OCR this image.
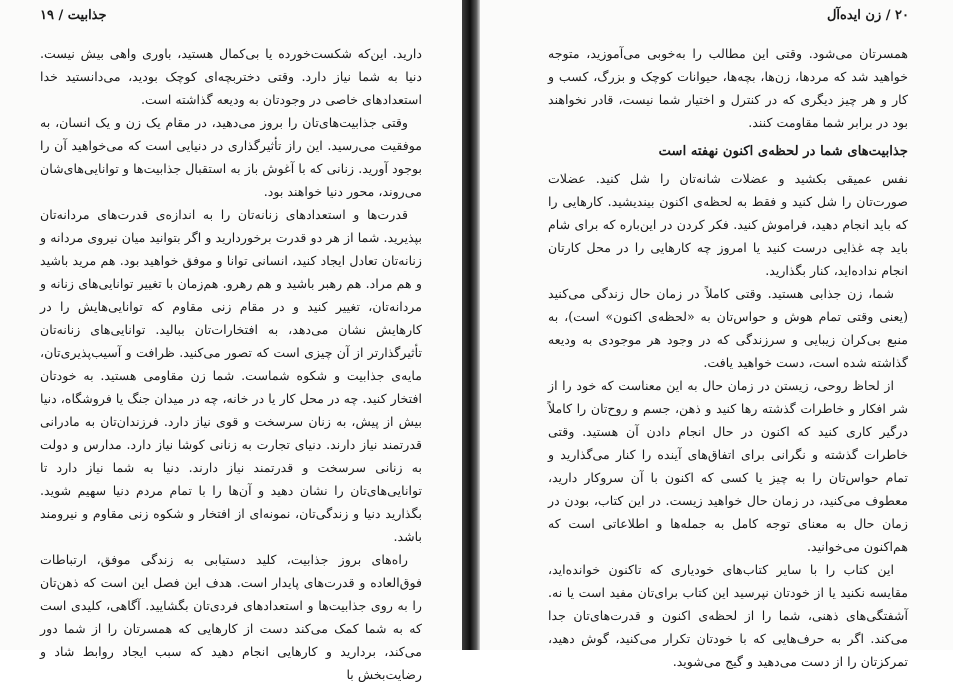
جذابیت / ۱۹

دارید. این‌که شکست‌خورده یا بی‌کمال هستید، باوری واهی بیش نیست. دنیا به شما نیاز دارد. وقتی دختربچه‌ای کوچک بودید، می‌دانستید خدا استعدادهای خاصی در وجودتان به ودیعه گذاشته است.

وقتی جذابیت‌های‌تان را بروز می‌دهید، در مقام یک زن و یک انسان، به موفقیت می‌رسید. این راز تأثیرگذاری در دنیایی است که می‌خواهید آن را بوجود آورید. زنانی که با آغوش باز به استقبال جذابیت‌ها و توانایی‌های‌شان می‌روند، محور دنیا خواهند بود.

قدرت‌ها و استعدادهای زنانه‌تان را به اندازه‌ی قدرت‌های مردانه‌تان بپذیرید. شما از هر دو قدرت برخوردارید و اگر بتوانید میان نیروی مردانه و زنانه‌تان تعادل ایجاد کنید، انسانی توانا و موفق خواهید بود. هم مرید باشید و هم مراد. هم رهبر باشید و هم رهرو. هم‌زمان با تغییر توانایی‌های زنانه و مردانه‌تان، تغییر کنید و در مقام زنی مقاوم که توانایی‌هایش را در کارهایش نشان می‌دهد، به افتخارات‌تان ببالید. توانایی‌های زنانه‌تان تأثیرگذارتر از آن چیزی است که تصور می‌کنید. ظرافت و آسیب‌پذیری‌تان، مایه‌ی جذابیت و شکوه شماست. شما زن مقاومی هستید. به خودتان افتخار کنید. چه در محل کار یا در خانه، چه در میدان جنگ یا فروشگاه، دنیا بیش از پیش، به زنان سرسخت و قوی نیاز دارد. فرزندان‌تان به مادرانی قدرتمند نیاز دارند. دنیای تجارت به زنانی کوشا نیاز دارد. مدارس و دولت به زنانی سرسخت و قدرتمند نیاز دارند. دنیا به شما نیاز دارد تا توانایی‌های‌تان را نشان دهید و آن‌ها را با تمام مردم دنیا سهیم شوید. بگذارید دنیا و زندگی‌تان، نمونه‌ای از افتخار و شکوه زنی مقاوم و نیرومند باشد.

راه‌های بروز جذابیت، کلید دستیابی به زندگی موفق، ارتباطات فوق‌العاده و قدرت‌های پایدار است. هدف این فصل این است که ذهن‌تان را به روی جذابیت‌ها و استعدادهای فردی‌تان بگشایید. آگاهی، کلیدی است که به شما کمک می‌کند دست از کارهایی که همسرتان را از شما دور می‌کند، بردارید و کارهایی انجام دهید که سبب ایجاد روابط شاد و رضایت‌بخش با

۲۰ / زن ایده‌آل

همسرتان می‌شود. وقتی این مطالب را به‌خوبی می‌آموزید، متوجه خواهید شد که مردها، زن‌ها، بچه‌ها، حیوانات کوچک و بزرگ، کسب و کار و هر چیز دیگری که در کنترل و اختیار شما نیست، قادر نخواهند بود در برابر شما مقاومت کنند.

جذابیت‌های شما در لحظه‌ی اکنون نهفته است

نفس عمیقی بکشید و عضلات شانه‌تان را شل کنید. عضلات صورت‌تان را شل کنید و فقط به لحظه‌ی اکنون بیندیشید. کارهایی را که باید انجام دهید، فراموش کنید. فکر کردن در این‌باره که برای شام باید چه غذایی درست کنید یا امروز چه کارهایی را در محل کارتان انجام نداده‌اید، کنار بگذارید.

شما، زن جذابی هستید. وقتی کاملاً در زمان حال زندگی می‌کنید (یعنی وقتی تمام هوش و حواس‌تان به «لحظه‌ی اکنون» است)، به منبع بی‌کران زیبایی و سرزندگی که در وجود هر موجودی به ودیعه گذاشته شده است، دست خواهید یافت.

از لحاظ روحی، زیستن در زمان حال به این معناست که خود را از شر افکار و خاطرات گذشته رها کنید و ذهن، جسم و روح‌تان را کاملاً درگیر کاری کنید که اکنون در حال انجام دادن آن هستید. وقتی خاطرات گذشته و نگرانی برای اتفاق‌های آینده را کنار می‌گذارید و تمام حواس‌تان را به چیز یا کسی که اکنون با آن سروکار دارید، معطوف می‌کنید، در زمان حال خواهید زیست. در این کتاب، بودن در زمان حال به معنای توجه کامل به جمله‌ها و اطلاعاتی است که هم‌اکنون می‌خوانید.

این کتاب را با سایر کتاب‌های خودیاری که تاکنون خوانده‌اید، مقایسه نکنید یا از خودتان نپرسید این کتاب برای‌تان مفید است یا نه. آشفتگی‌های ذهنی، شما را از لحظه‌ی اکنون و قدرت‌های‌تان جدا می‌کند. اگر به حرف‌هایی که با خودتان تکرار می‌کنید، گوش دهید، تمرکزتان را از دست می‌دهید و گیج می‌شوید.
